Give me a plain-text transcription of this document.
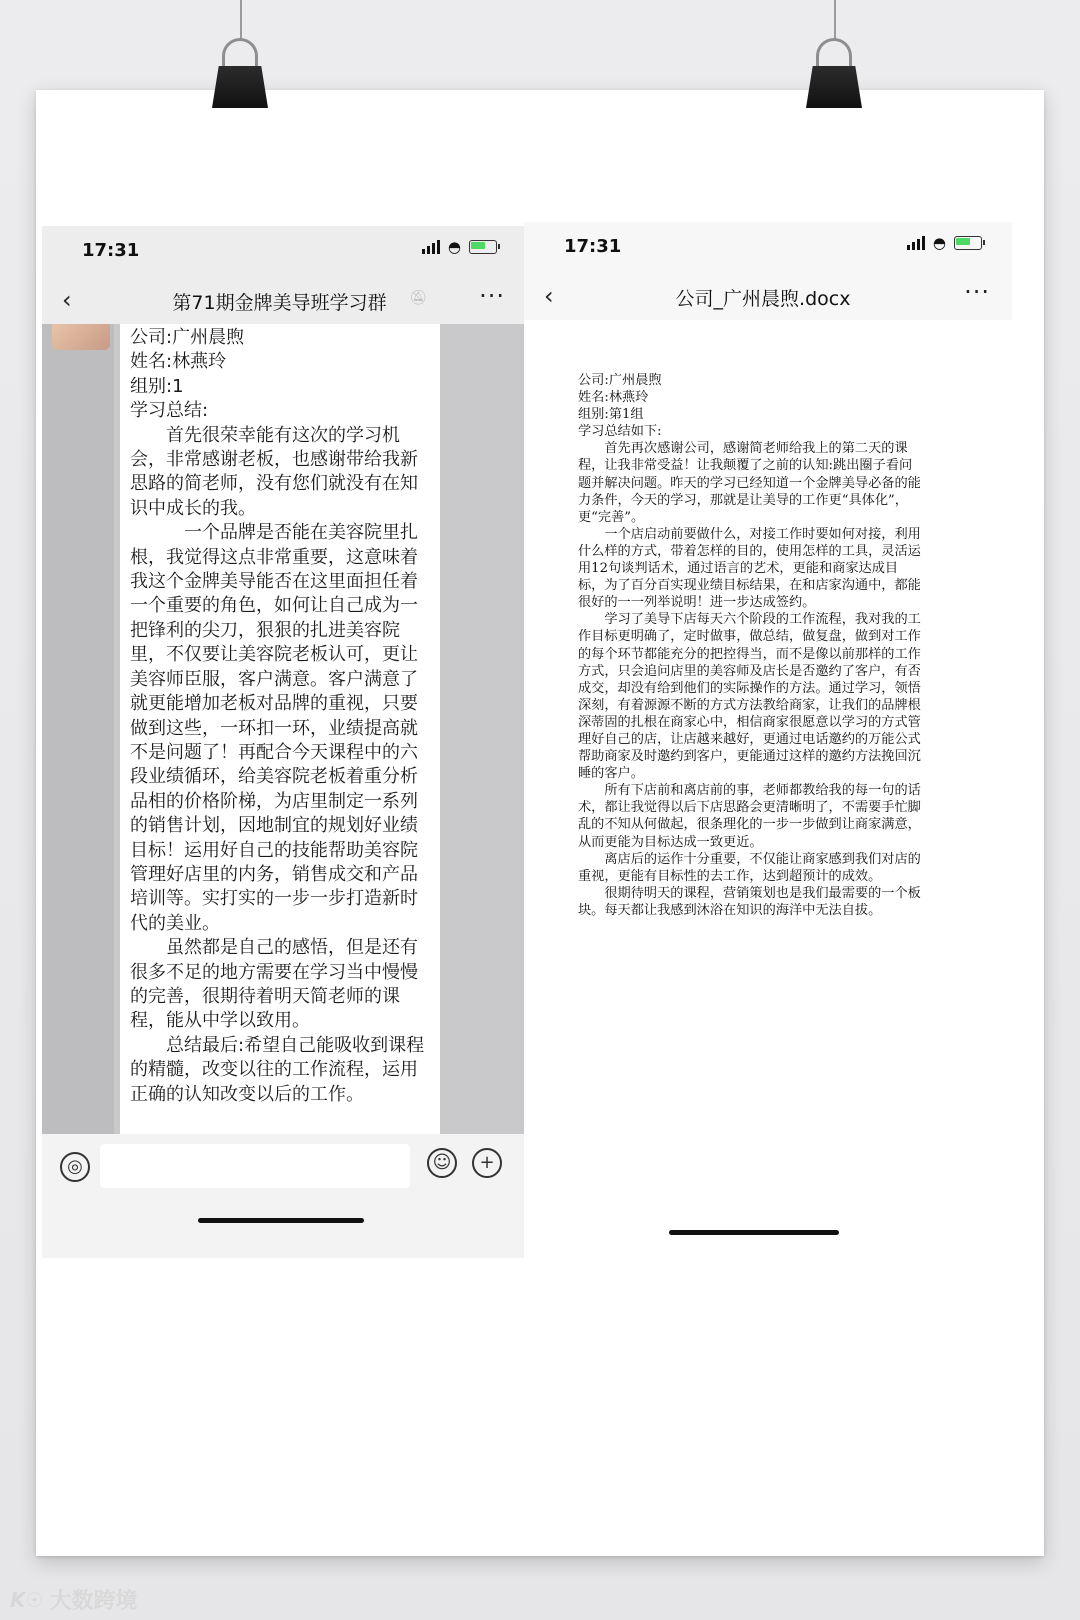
17:31	◓
‹	第71期金牌美导班学习群	🔕︎ ···
公司:广州晨煦
姓名:林燕玲
组别:1
学习总结:
　　首先很荣幸能有这次的学习机会，非常感谢老板，也感谢带给我新思路的简老师，没有您们就没有在知识中成长的我。
　　　一个品牌是否能在美容院里扎根，我觉得这点非常重要，这意味着我这个金牌美导能否在这里面担任着一个重要的角色，如何让自己成为一把锋利的尖刀，狠狠的扎进美容院里，不仅要让美容院老板认可，更让美容师臣服，客户满意。客户满意了就更能增加老板对品牌的重视，只要做到这些，一环扣一环，业绩提高就不是问题了！再配合今天课程中的六段业绩循环，给美容院老板着重分析品相的价格阶梯，为店里制定一系列的销售计划，因地制宜的规划好业绩目标！运用好自己的技能帮助美容院管理好店里的内务，销售成交和产品培训等。实打实的一步一步打造新时代的美业。
　　虽然都是自己的感悟，但是还有很多不足的地方需要在学习当中慢慢的完善，很期待着明天简老师的课程，能从中学以致用。
　　总结最后:希望自己能吸收到课程的精髓，改变以往的工作流程，运用正确的认知改变以后的工作。
◎	☺	+
17:31	◓
‹	公司_广州晨煦.docx	···
公司:广州晨煦
姓名:林燕玲
组别:第1组
学习总结如下:
　　首先再次感谢公司，感谢简老师给我上的第二天的课程，让我非常受益！让我颠覆了之前的认知:跳出圈子看问题并解决问题。昨天的学习已经知道一个金牌美导必备的能力条件，今天的学习，那就是让美导的工作更“具体化”，更“完善”。
　　一个店启动前要做什么，对接工作时要如何对接，利用什么样的方式，带着怎样的目的，使用怎样的工具，灵活运用12句谈判话术，通过语言的艺术，更能和商家达成目标，为了百分百实现业绩目标结果，在和店家沟通中，都能很好的一一列举说明！进一步达成签约。
　　学习了美导下店每天六个阶段的工作流程，我对我的工作目标更明确了，定时做事，做总结，做复盘，做到对工作的每个环节都能充分的把控得当，而不是像以前那样的工作方式，只会追问店里的美容师及店长是否邀约了客户，有否成交，却没有给到他们的实际操作的方法。通过学习，领悟深刻，有着源源不断的方式方法教给商家，让我们的品牌根深蒂固的扎根在商家心中，相信商家很愿意以学习的方式管理好自己的店，让店越来越好，更通过电话邀约的万能公式帮助商家及时邀约到客户，更能通过这样的邀约方法挽回沉睡的客户。
　　所有下店前和离店前的事，老师都教给我的每一句的话术，都让我觉得以后下店思路会更清晰明了，不需要手忙脚乱的不知从何做起，很条理化的一步一步做到让商家满意，从而更能为目标达成一致更近。
　　离店后的运作十分重要，不仅能让商家感到我们对店的重视，更能有目标性的去工作，达到超预计的成效。
　　很期待明天的课程，营销策划也是我们最需要的一个板块。每天都让我感到沐浴在知识的海洋中无法自拔。
K☉ 大数跨境
